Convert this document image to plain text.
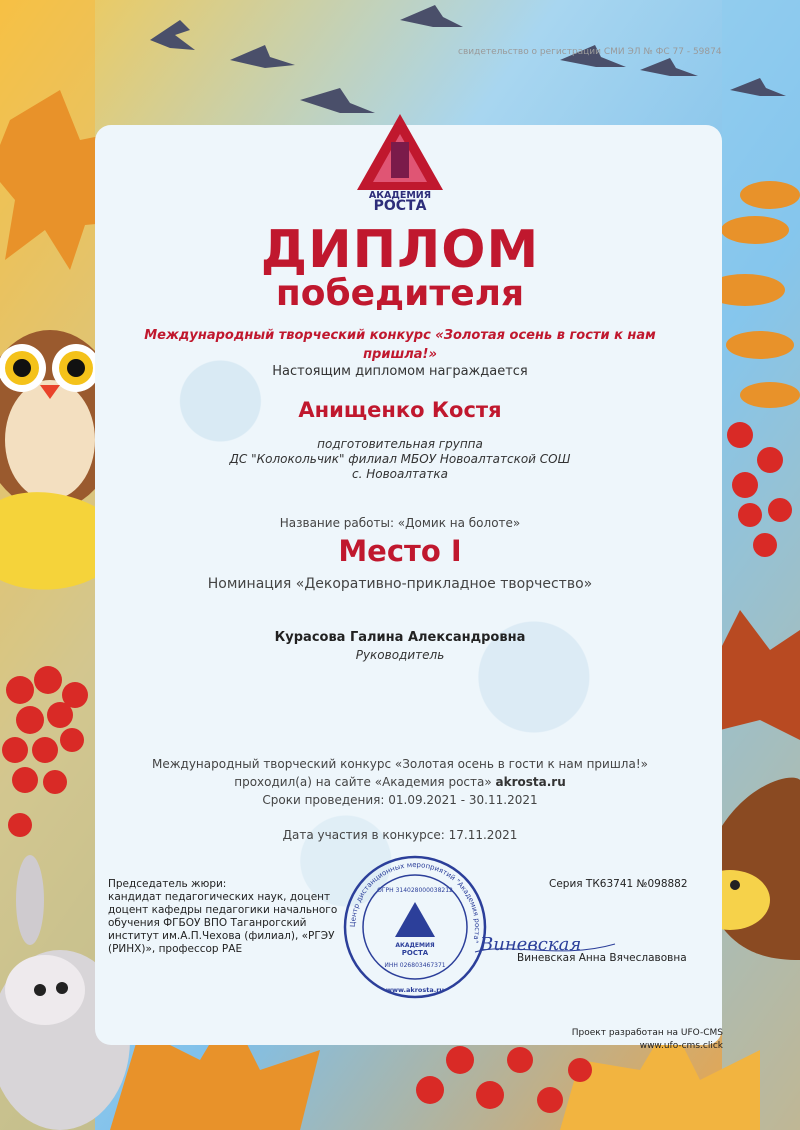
свидетельство о регистрации СМИ ЭЛ № ФС 77 - 59874
АКАДЕМИЯ
РОСТА
ДИПЛОМ
победителя
Международный творческий конкурс «Золотая осень в гости к нам пришла!»
Настоящим дипломом награждается
Анищенко Костя
подготовительная группа
ДС "Колокольчик" филиал МБОУ Новоалтатской СОШ
с. Новоалтатка
Название работы: «Домик на болоте»
Место I
Номинация «Декоративно-прикладное творчество»
Курасова Галина Александровна
Руководитель
Международный творческий конкурс «Золотая осень в гости к нам пришла!»
проходил(а) на сайте «Академия роста» akrosta.ru
Сроки проведения: 01.09.2021 - 30.11.2021
Дата участия в конкурсе: 17.11.2021
Председатель жюри:
кандидат педагогических наук, доцент
доцент кафедры педагогики начального
обучения ФГБОУ ВПО Таганрогский
институт им.А.П.Чехова (филиал), «РГЭУ
(РИНХ)», профессор РАЕ
Серия ТК63741 №098882
Центр дистанционных мероприятий "Академия роста"
ОГРН 314028000038212
АКАДЕМИЯ
РОСТА
ИНН 026803467371
www.akrosta.ru
Виневская
Виневская Анна Вячеславовна
Проект разработан на UFO-CMS
www.ufo-cms.click
